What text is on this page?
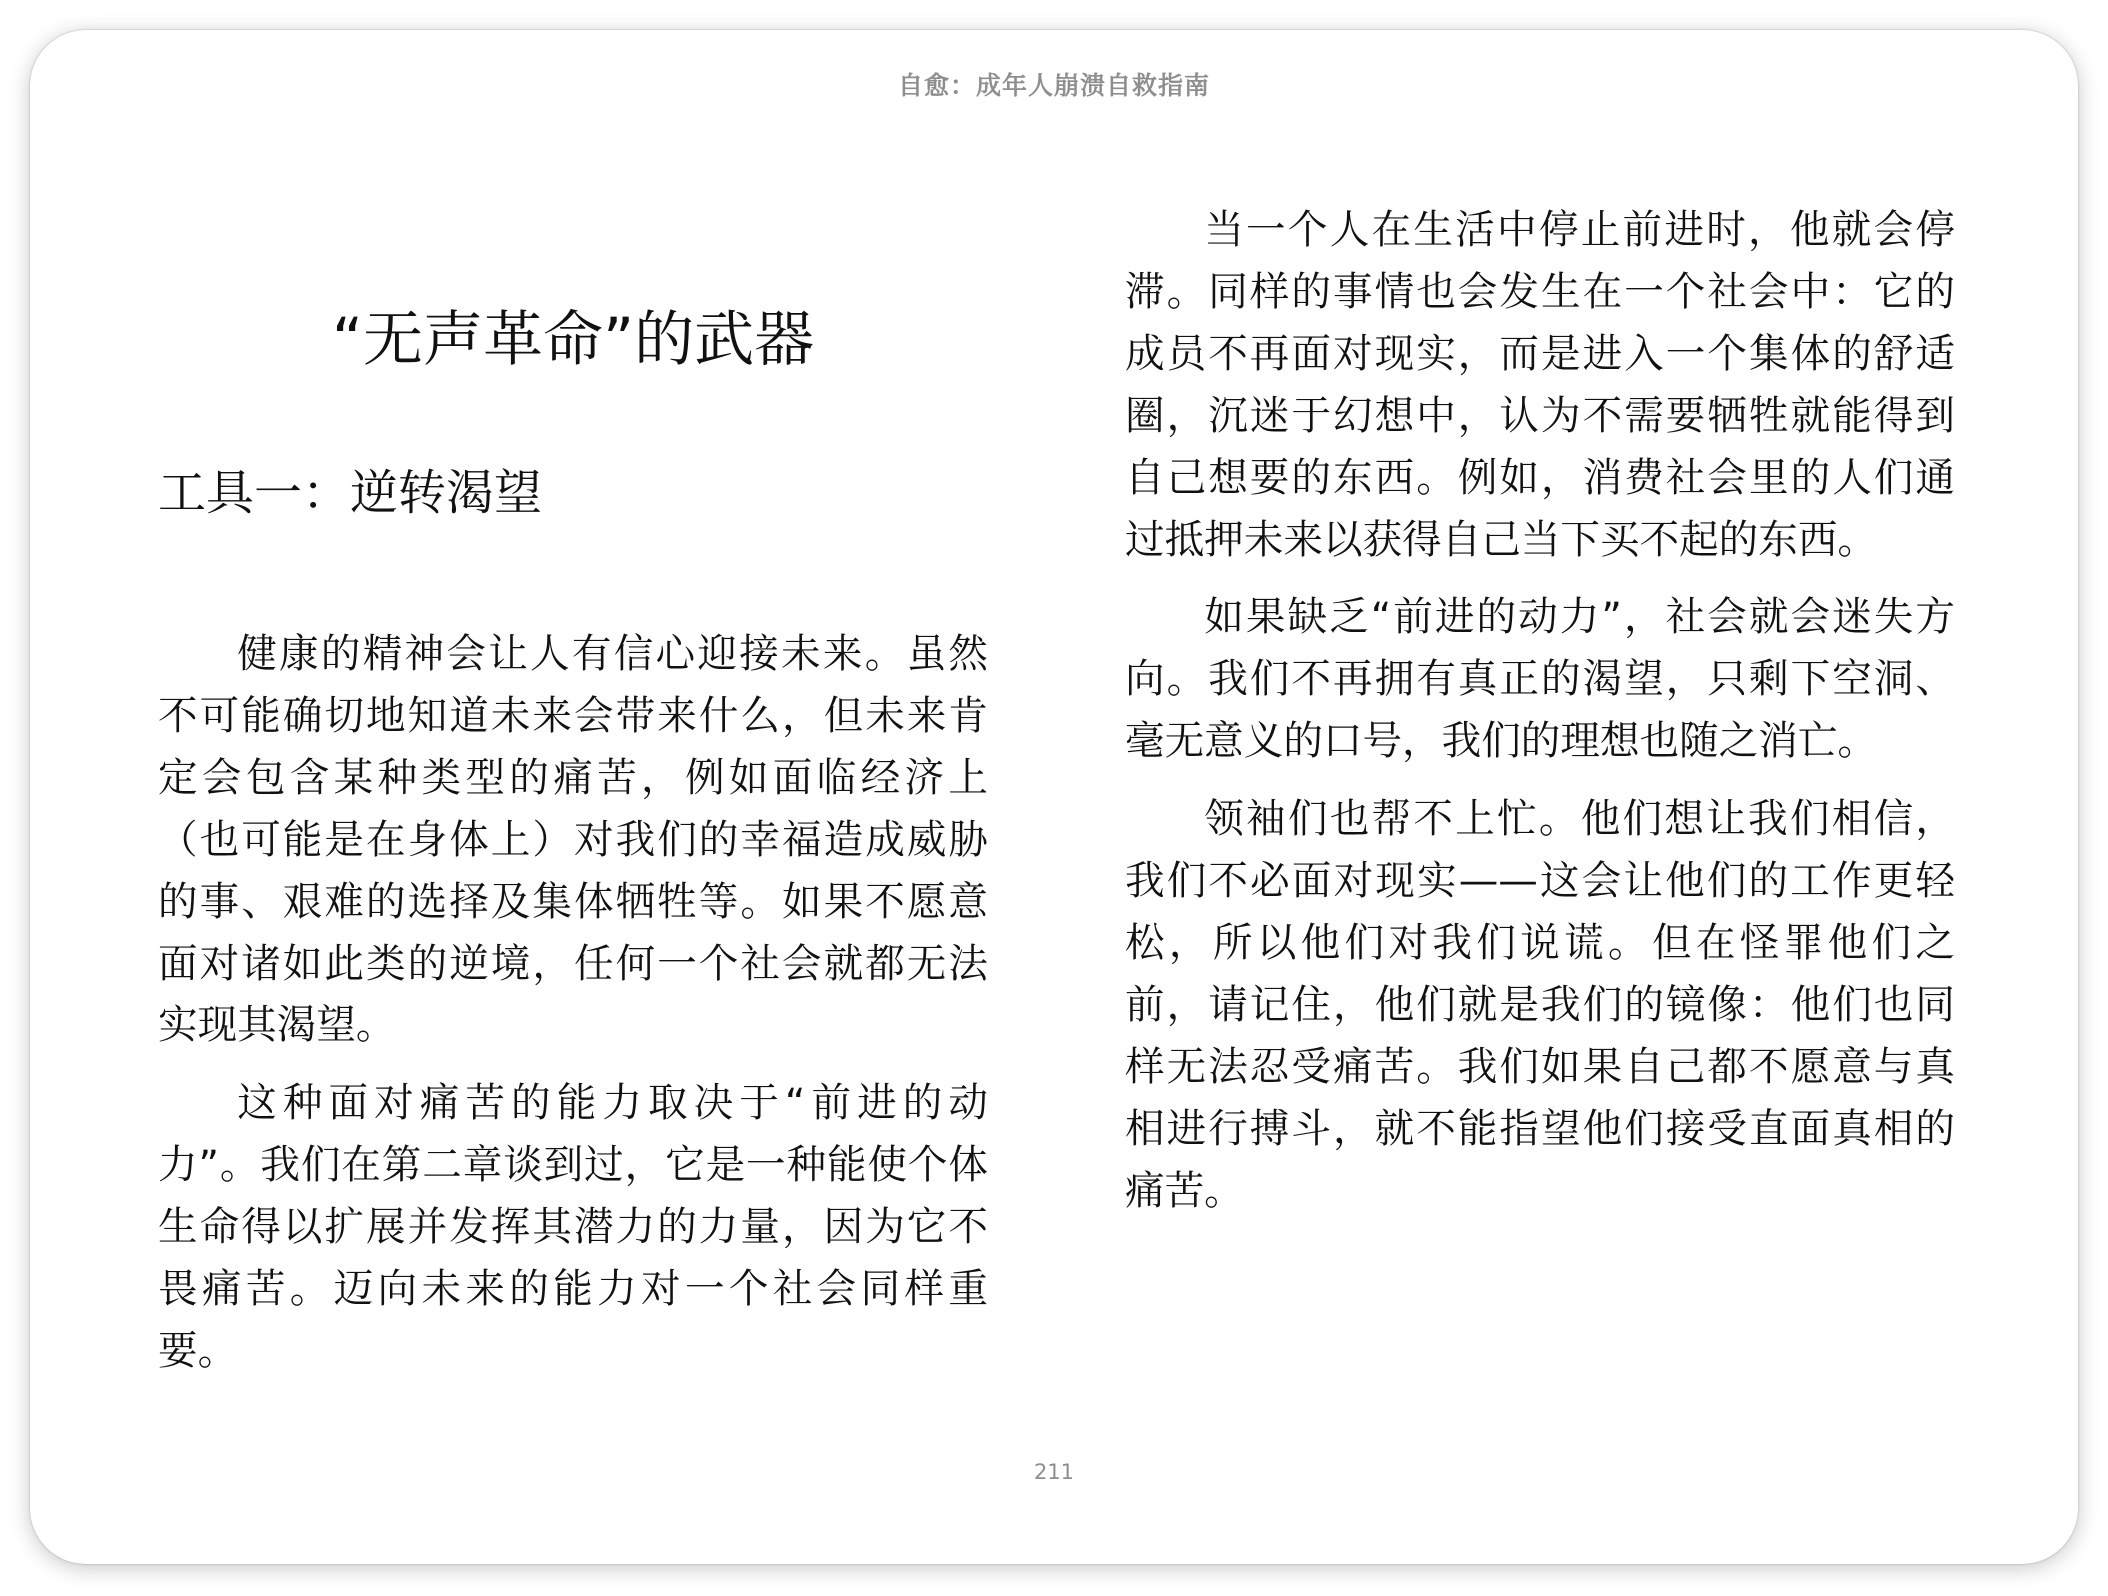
自愈：成年人崩溃自救指南
“无声革命”的武器
工具一：逆转渴望

健康的精神会让人有信心迎接未来。虽然不可能确切地知道未来会带来什么，但未来肯定会包含某种类型的痛苦，例如面临经济上（也可能是在身体上）对我们的幸福造成威胁的事、艰难的选择及集体牺牲等。如果不愿意面对诸如此类的逆境，任何一个社会就都无法实现其渴望。

这种面对痛苦的能力取决于“前进的动力”。我们在第二章谈到过，它是一种能使个体生命得以扩展并发挥其潜力的力量，因为它不畏痛苦。迈向未来的能力对一个社会同样重要。

当一个人在生活中停止前进时，他就会停滞。同样的事情也会发生在一个社会中：它的成员不再面对现实，而是进入一个集体的舒适圈，沉迷于幻想中，认为不需要牺牲就能得到自己想要的东西。例如，消费社会里的人们通过抵押未来以获得自己当下买不起的东西。

如果缺乏“前进的动力”，社会就会迷失方向。我们不再拥有真正的渴望，只剩下空洞、毫无意义的口号，我们的理想也随之消亡。

领袖们也帮不上忙。他们想让我们相信，我们不必面对现实——这会让他们的工作更轻松，所以他们对我们说谎。但在怪罪他们之前，请记住，他们就是我们的镜像：他们也同样无法忍受痛苦。我们如果自己都不愿意与真相进行搏斗，就不能指望他们接受直面真相的痛苦。

211
